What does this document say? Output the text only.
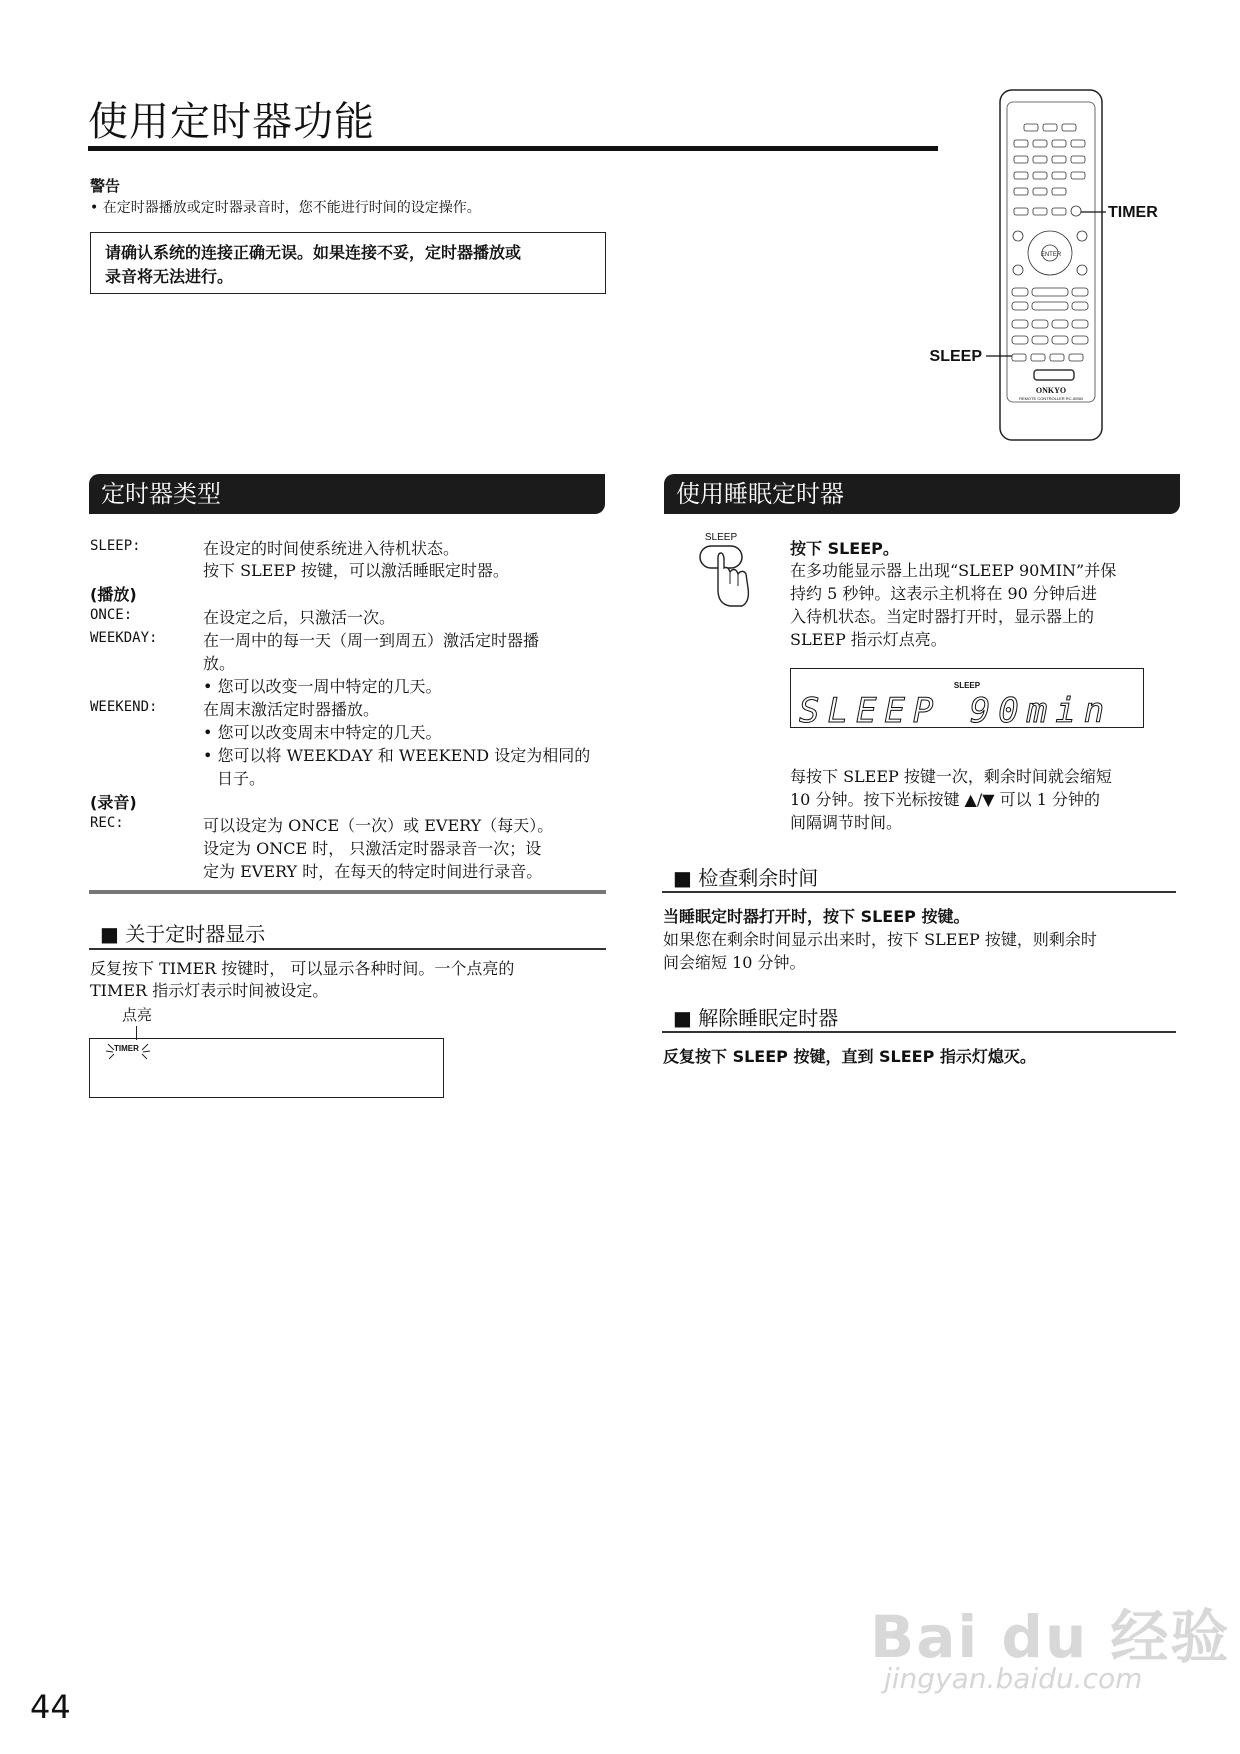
使用定时器功能
警告
• 在定时器播放或定时器录音时，您不能进行时间的设定操作。
请确认系统的连接正确无误。如果连接不妥，定时器播放或
录音将无法进行。
ENTER
ONKYO
REMOTE CONTROLLER RC-505M
TIMER
SLEEP
定时器类型
SLEEP:	在设定的时间使系统进入待机状态。
按下 SLEEP 按键，可以激活睡眠定时器。
(播放)
ONCE:	在设定之后，只激活一次。
WEEKDAY:	在一周中的每一天（周一到周五）激活定时器播
放。
• 您可以改变一周中特定的几天。
WEEKEND:	在周末激活定时器播放。
• 您可以改变周末中特定的几天。
• 您可以将 WEEKDAY 和 WEEKEND 设定为相同的
日子。
(录音)
REC:	可以设定为 ONCE（一次）或 EVERY（每天）。
设定为 ONCE 时， 只激活定时器录音一次；设
定为 EVERY 时，在每天的特定时间进行录音。
■ 关于定时器显示
反复按下 TIMER 按键时， 可以显示各种时间。一个点亮的
TIMER 指示灯表示时间被设定。
点亮
TIMER
使用睡眠定时器
SLEEP
按下 SLEEP。
在多功能显示器上出现“SLEEP 90MIN”并保
持约 5 秒钟。这表示主机将在 90 分钟后进
入待机状态。当定时器打开时，显示器上的
SLEEP 指示灯点亮。
SLEEP
SLEEP 90min
每按下 SLEEP 按键一次，剩余时间就会缩短
10 分钟。按下光标按键 ▲/▼ 可以 1 分钟的
间隔调节时间。
■ 检查剩余时间
当睡眠定时器打开时，按下 SLEEP 按键。
如果您在剩余时间显示出来时，按下 SLEEP 按键，则剩余时
间会缩短 10 分钟。
■ 解除睡眠定时器
反复按下 SLEEP 按键，直到 SLEEP 指示灯熄灭。
44
Bai du 经验
jingyan.baidu.com
